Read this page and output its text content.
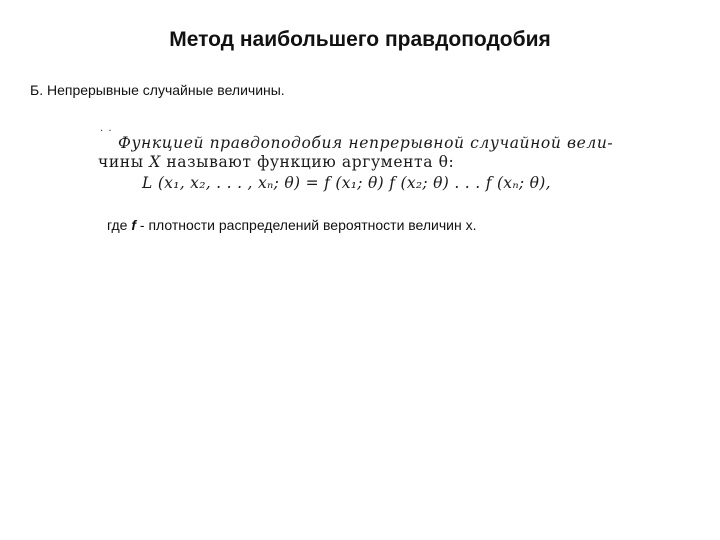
Метод наибольшего правдоподобия
Б. Непрерывные случайные величины.
· ·
Функцией правдоподобия непрерывной случайной вели-
чины X называют функцию аргумента θ:
L (x₁, x₂, . . . , xₙ; θ) = f (x₁; θ) f (x₂; θ) . . . f (xₙ; θ),
где f - плотности распределений вероятности величин x.
